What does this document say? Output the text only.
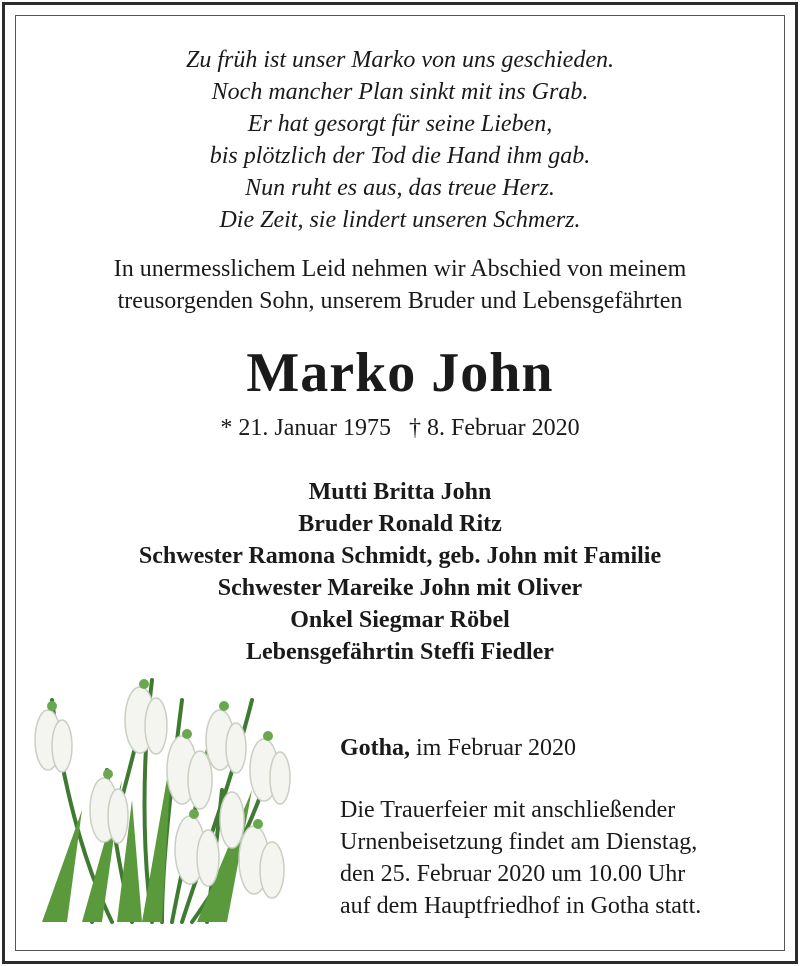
Zu früh ist unser Marko von uns geschieden.
Noch mancher Plan sinkt mit ins Grab.
Er hat gesorgt für seine Lieben,
bis plötzlich der Tod die Hand ihm gab.
Nun ruht es aus, das treue Herz.
Die Zeit, sie lindert unseren Schmerz.
In unermesslichem Leid nehmen wir Abschied von meinem
treusorgenden Sohn, unserem Bruder und Lebensgefährten
Marko John
* 21. Januar 1975 † 8. Februar 2020
Mutti Britta John
Bruder Ronald Ritz
Schwester Ramona Schmidt, geb. John mit Familie
Schwester Mareike John mit Oliver
Onkel Siegmar Röbel
Lebensgefährtin Steffi Fiedler
Gotha, im Februar 2020
Die Trauerfeier mit anschließender
Urnenbeisetzung findet am Dienstag,
den 25. Februar 2020 um 10.00 Uhr
auf dem Hauptfriedhof in Gotha statt.
